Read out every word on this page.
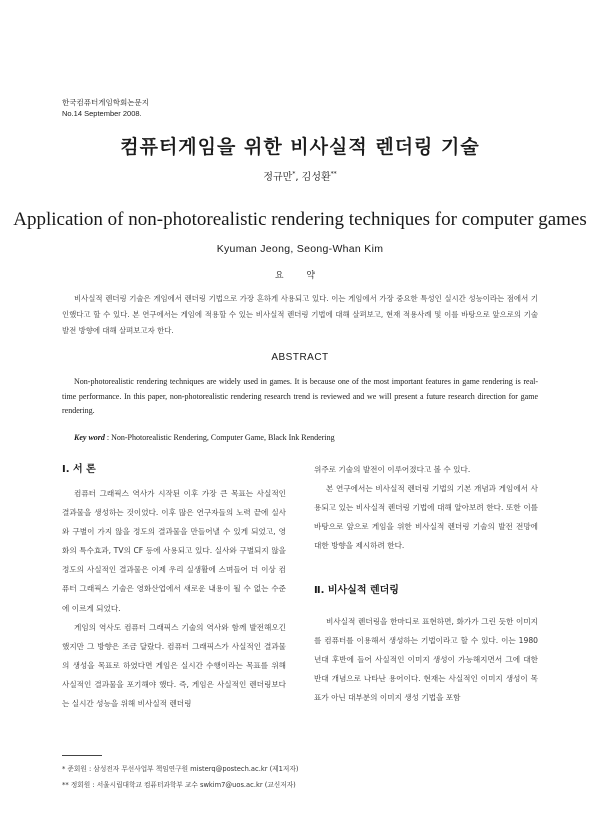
한국컴퓨터게임학회논문지
No.14 September 2008.
컴퓨터게임을 위한 비사실적 렌더링 기술
정규만*, 김성환**
Application of non-photorealistic rendering techniques for computer games
Kyuman Jeong, Seong-Whan Kim
요 약
비사실적 렌더링 기술은 게임에서 렌더링 기법으로 가장 흔하게 사용되고 있다. 이는 게임에서 가장 중요한 특성인 실시간 성능이라는 점에서 기인했다고 할 수 있다. 본 연구에서는 게임에 적용할 수 있는 비사실적 렌더링 기법에 대해 살펴보고, 현재 적용사례 및 이를 바탕으로 앞으로의 기술 발전 방향에 대해 살펴보고자 한다.
ABSTRACT
Non-photorealistic rendering techniques are widely used in games. It is because one of the most important features in game rendering is real-time performance. In this paper, non-photorealistic rendering research trend is reviewed and we will present a future research direction for game rendering.
Key word : Non-Photorealistic Rendering, Computer Game, Black Ink Rendering
Ⅰ. 서 론

컴퓨터 그래픽스 역사가 시작된 이후 가장 큰 목표는 사실적인 결과물을 생성하는 것이었다. 이후 많은 연구자들의 노력 끝에 실사와 구별이 가지 않을 정도의 결과물을 만들어낼 수 있게 되었고, 영화의 특수효과, TV의 CF 등에 사용되고 있다. 실사와 구별되지 않을 정도의 사실적인 결과물은 이제 우리 실생활에 스며들어 더 이상 컴퓨터 그래픽스 기술은 영화산업에서 새로운 내용이 될 수 없는 수준에 이르게 되었다.

게임의 역사도 컴퓨터 그래픽스 기술의 역사와 함께 발전해오긴 했지만 그 방향은 조금 달랐다. 컴퓨터 그래픽스가 사실적인 결과물의 생성을 목표로 하였다면 게임은 실시간 수행이라는 목표를 위해 사실적인 결과물을 포기해야 했다. 즉, 게임은 사실적인 렌더링보다는 실시간 성능을 위해 비사실적 렌더링

위주로 기술의 발전이 이루어졌다고 볼 수 있다.

본 연구에서는 비사실적 렌더링 기법의 기본 개념과 게임에서 사용되고 있는 비사실적 렌더링 기법에 대해 알아보려 한다. 또한 이를 바탕으로 앞으로 게임을 위한 비사실적 렌더링 기술의 발전 전망에 대한 방향을 제시하려 한다.

Ⅱ. 비사실적 렌더링

비사실적 렌더링을 한마디로 표현하면, 화가가 그린 듯한 이미지를 컴퓨터를 이용해서 생성하는 기법이라고 할 수 있다. 이는 1980년대 후반에 들어 사실적인 이미지 생성이 가능해지면서 그에 대한 반대 개념으로 나타난 용어이다. 현재는 사실적인 이미지 생성이 목표가 아닌 대부분의 이미지 생성 기법을 포함

* 준회원 : 삼성전자 무선사업부 책임연구원 misterq@postech.ac.kr (제1저자)
** 정회원 : 서울시립대학교 컴퓨터과학부 교수 swkim7@uos.ac.kr (교신저자)
